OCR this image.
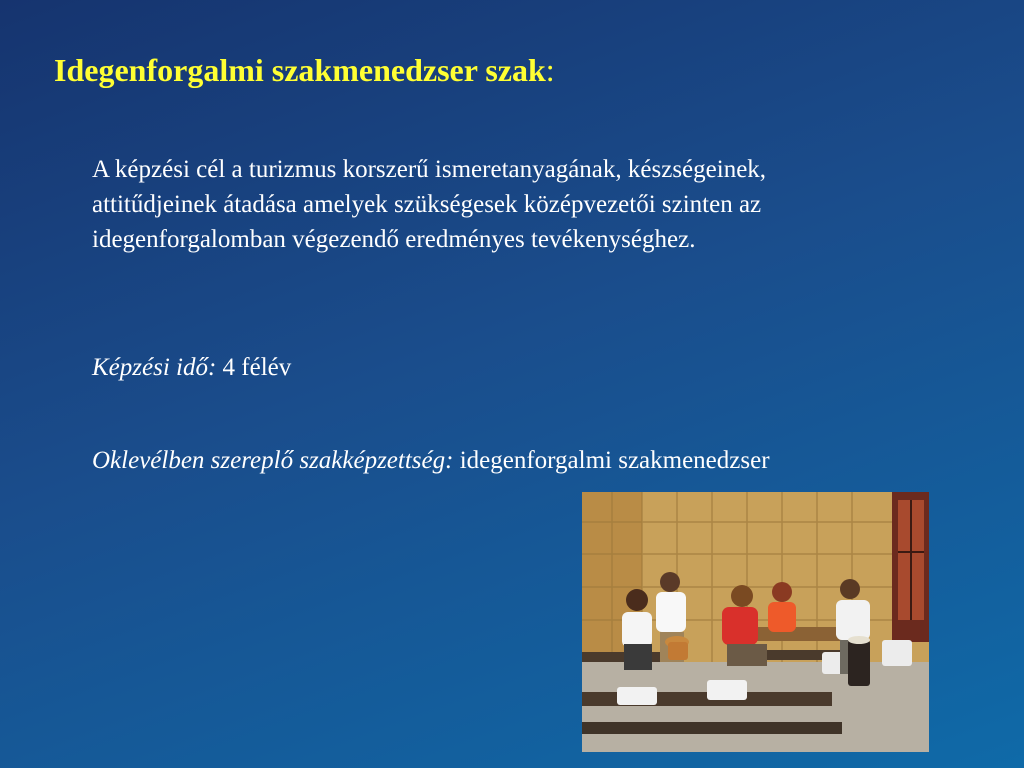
Idegenforgalmi szakmenedzser szak:
A képzési cél a turizmus korszerű ismeretanyagának, készségeinek, attitűdjeinek átadása amelyek szükségesek középvezetői szinten az idegenforgalomban végezendő eredményes tevékenységhez.
Képzési idő: 4 félév
Oklevélben szereplő szakképzettség: idegenforgalmi szakmenedzser
